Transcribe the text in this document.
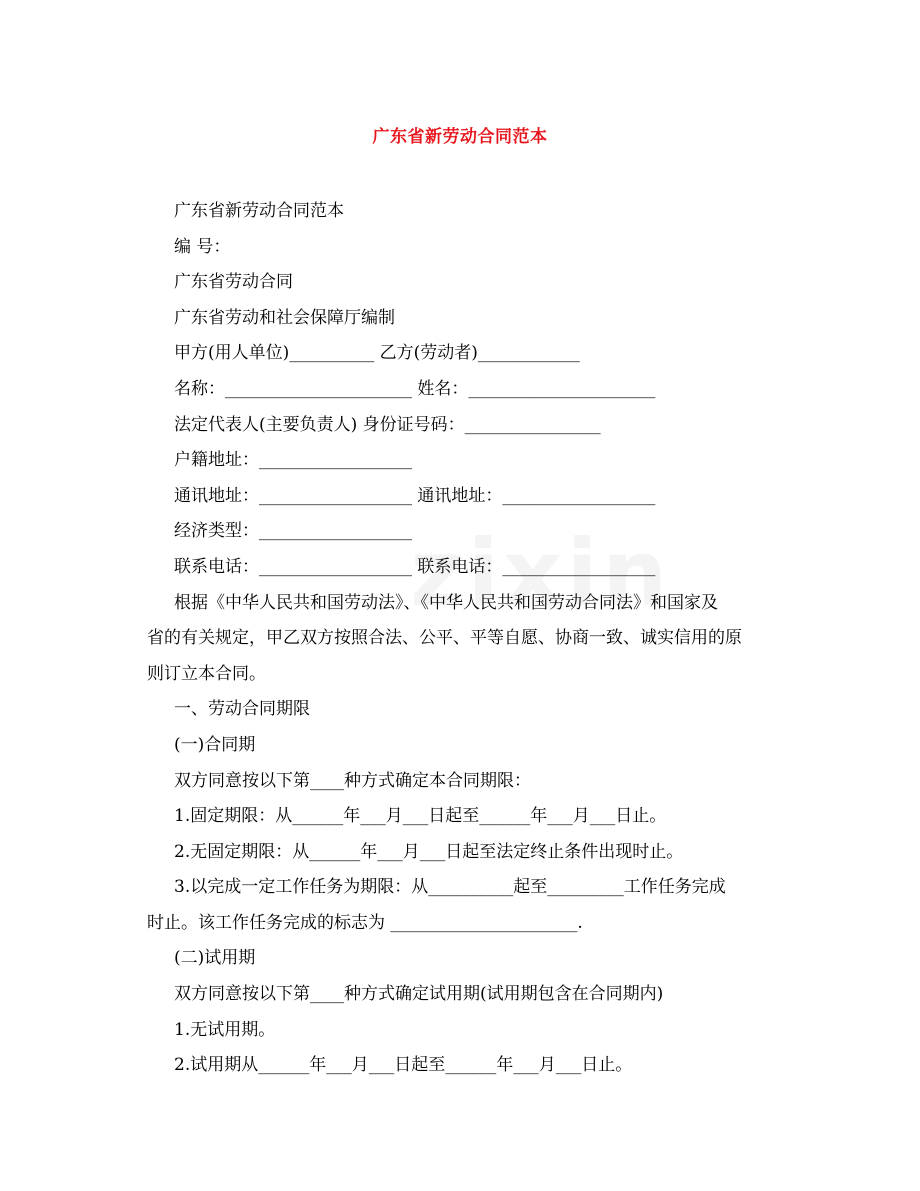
广东省新劳动合同范本
广东省新劳动合同范本
编 号：
广东省劳动合同
广东省劳动和社会保障厅编制
甲方(用人单位)__________ 乙方(劳动者)____________
名称：______________________ 姓名：______________________
法定代表人(主要负责人) 身份证号码：________________
户籍地址：__________________
通讯地址：__________________ 通讯地址：__________________
经济类型：__________________
联系电话：__________________ 联系电话：__________________
根据《中华人民共和国劳动法》、《中华人民共和国劳动合同法》和国家及
省的有关规定，甲乙双方按照合法、公平、平等自愿、协商一致、诚实信用的原
则订立本合同。
一、劳动合同期限
(一)合同期
双方同意按以下第____种方式确定本合同期限：
1.固定期限：从______年___月___日起至______年___月___日止。
2.无固定期限：从______年___月___日起至法定终止条件出现时止。
3.以完成一定工作任务为期限：从__________起至_________工作任务完成
时止。该工作任务完成的标志为 ______________________.
(二)试用期
双方同意按以下第____种方式确定试用期(试用期包含在合同期内)
1.无试用期。
2.试用期从______年___月___日起至______年___月___日止。
